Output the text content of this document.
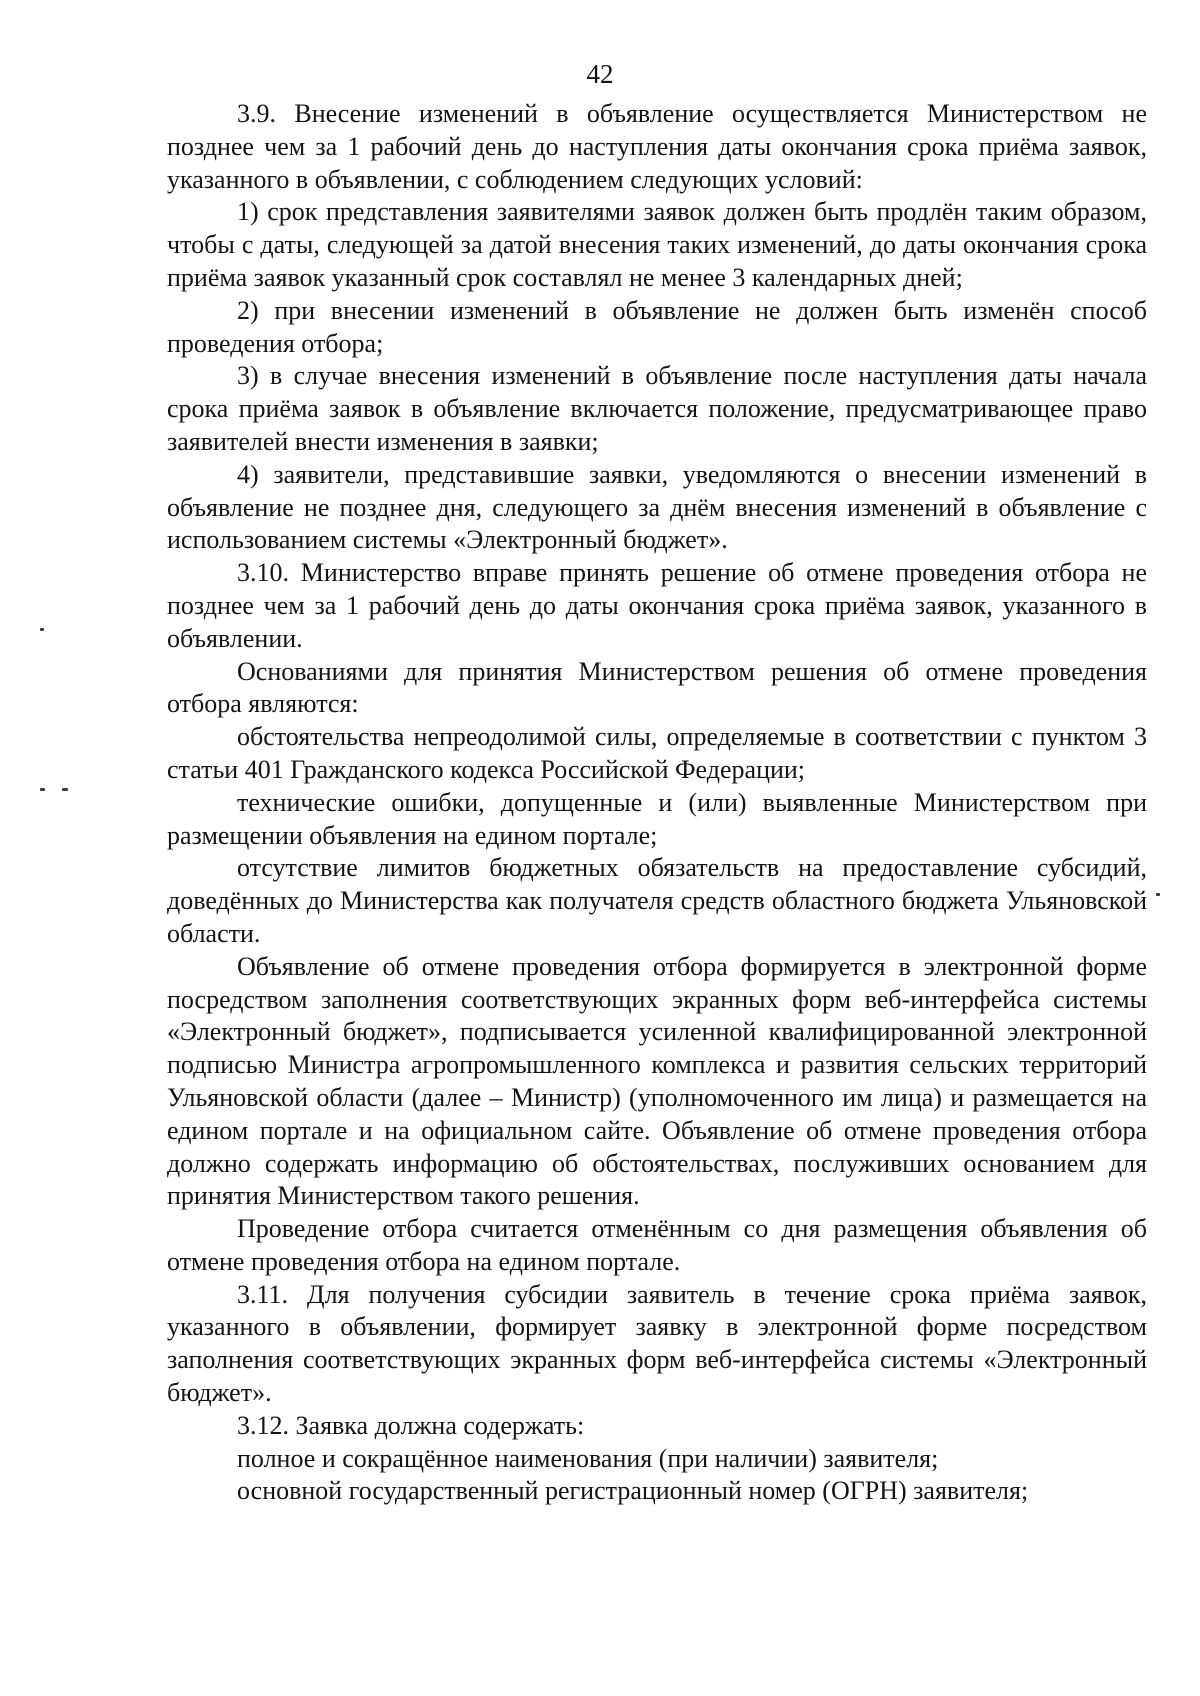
42

3.9. Внесение изменений в объявление осуществляется Министерством не позднее чем за 1 рабочий день до наступления даты окончания срока приёма заявок, указанного в объявлении, с соблюдением следующих условий:

1) срок представления заявителями заявок должен быть продлён таким образом, чтобы с даты, следующей за датой внесения таких изменений, до даты окончания срока приёма заявок указанный срок составлял не менее 3 календарных дней;

2) при внесении изменений в объявление не должен быть изменён способ проведения отбора;

3) в случае внесения изменений в объявление после наступления даты начала срока приёма заявок в объявление включается положение, предусматривающее право заявителей внести изменения в заявки;

4) заявители, представившие заявки, уведомляются о внесении изменений в объявление не позднее дня, следующего за днём внесения изменений в объявление с использованием системы «Электронный бюджет».

3.10. Министерство вправе принять решение об отмене проведения отбора не позднее чем за 1 рабочий день до даты окончания срока приёма заявок, указанного в объявлении.

Основаниями для принятия Министерством решения об отмене проведения отбора являются:

обстоятельства непреодолимой силы, определяемые в соответствии с пунктом 3 статьи 401 Гражданского кодекса Российской Федерации;

технические ошибки, допущенные и (или) выявленные Министерством при размещении объявления на едином портале;

отсутствие лимитов бюджетных обязательств на предоставление субсидий, доведённых до Министерства как получателя средств областного бюджета Ульяновской области.

Объявление об отмене проведения отбора формируется в электронной форме посредством заполнения соответствующих экранных форм веб-интерфейса системы «Электронный бюджет», подписывается усиленной квалифицированной электронной подписью Министра агропромышленного комплекса и развития сельских территорий Ульяновской области (далее – Министр) (уполномоченного им лица) и размещается на едином портале и на официальном сайте. Объявление об отмене проведения отбора должно содержать информацию об обстоятельствах, послуживших основанием для принятия Министерством такого решения.

Проведение отбора считается отменённым со дня размещения объявления об отмене проведения отбора на едином портале.

3.11. Для получения субсидии заявитель в течение срока приёма заявок, указанного в объявлении, формирует заявку в электронной форме посредством заполнения соответствующих экранных форм веб-интерфейса системы «Электронный бюджет».

3.12. Заявка должна содержать:

полное и сокращённое наименования (при наличии) заявителя;

основной государственный регистрационный номер (ОГРН) заявителя;
